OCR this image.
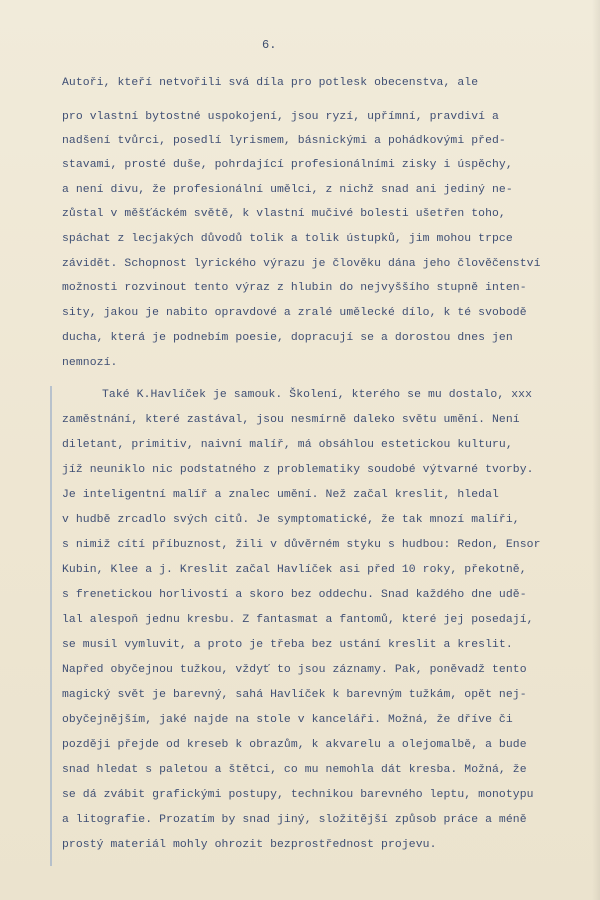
6.
Autoři, kteří netvořili svá díla pro potlesk obecenstva, ale
pro vlastní bytostné uspokojení, jsou ryzí, upřímní, pravdiví a
nadšení tvůrci, posedlí lyrismem, básnickými a pohádkovými před-
stavami, prosté duše, pohrdající profesionálními zisky i úspěchy,
a není divu, že profesionální umělci, z nichž snad ani jediný ne-
zůstal v měšťáckém světě, k vlastní mučivé bolesti ušetřen toho,
spáchat z lecjakých důvodů tolik a tolik ústupků, jim mohou trpce
závidět. Schopnost lyrického výrazu je člověku dána jeho člověčenství
možnosti rozvinout tento výraz z hlubin do nejvyššího stupně inten-
sity, jakou je nabito opravdové a zralé umělecké dílo, k té svobodě
ducha, která je podnebím poesie, dopracují se a dorostou dnes jen
nemnozí.
Také K.Havlíček je samouk. Školení, kterého se mu dostalo, xxx
zaměstnání, které zastával, jsou nesmírně daleko světu umění. Není
diletant, primitiv, naivní malíř, má obsáhlou estetickou kulturu,
jíž neuniklo nic podstatného z problematiky soudobé výtvarné tvorby.
Je inteligentní malíř a znalec umění. Než začal kreslit, hledal
v hudbě zrcadlo svých citů. Je symptomatické, že tak mnozí malíři,
s nimiž cítí příbuznost, žili v důvěrném styku s hudbou: Redon, Ensor
Kubin, Klee a j. Kreslit začal Havlíček asi před 10 roky, překotně,
s frenetickou horlivostí a skoro bez oddechu. Snad každého dne udě-
lal alespoň jednu kresbu. Z fantasmat a fantomů, které jej posedají,
se musil vymluvit, a proto je třeba bez ustání kreslit a kreslit.
Napřed obyčejnou tužkou, vždyť to jsou záznamy. Pak, poněvadž tento
magický svět je barevný, sahá Havlíček k barevným tužkám, opět nej-
obyčejnějším, jaké najde na stole v kanceláři. Možná, že dříve či
později přejde od kreseb k obrazům, k akvarelu a olejomalbě, a bude
snad hledat s paletou a štětci, co mu nemohla dát kresba. Možná, že
se dá zvábit grafickými postupy, technikou barevného leptu, monotypu
a litografie. Prozatím by snad jiný, složitější způsob práce a méně
prostý materiál mohly ohrozit bezprostřednost projevu.
